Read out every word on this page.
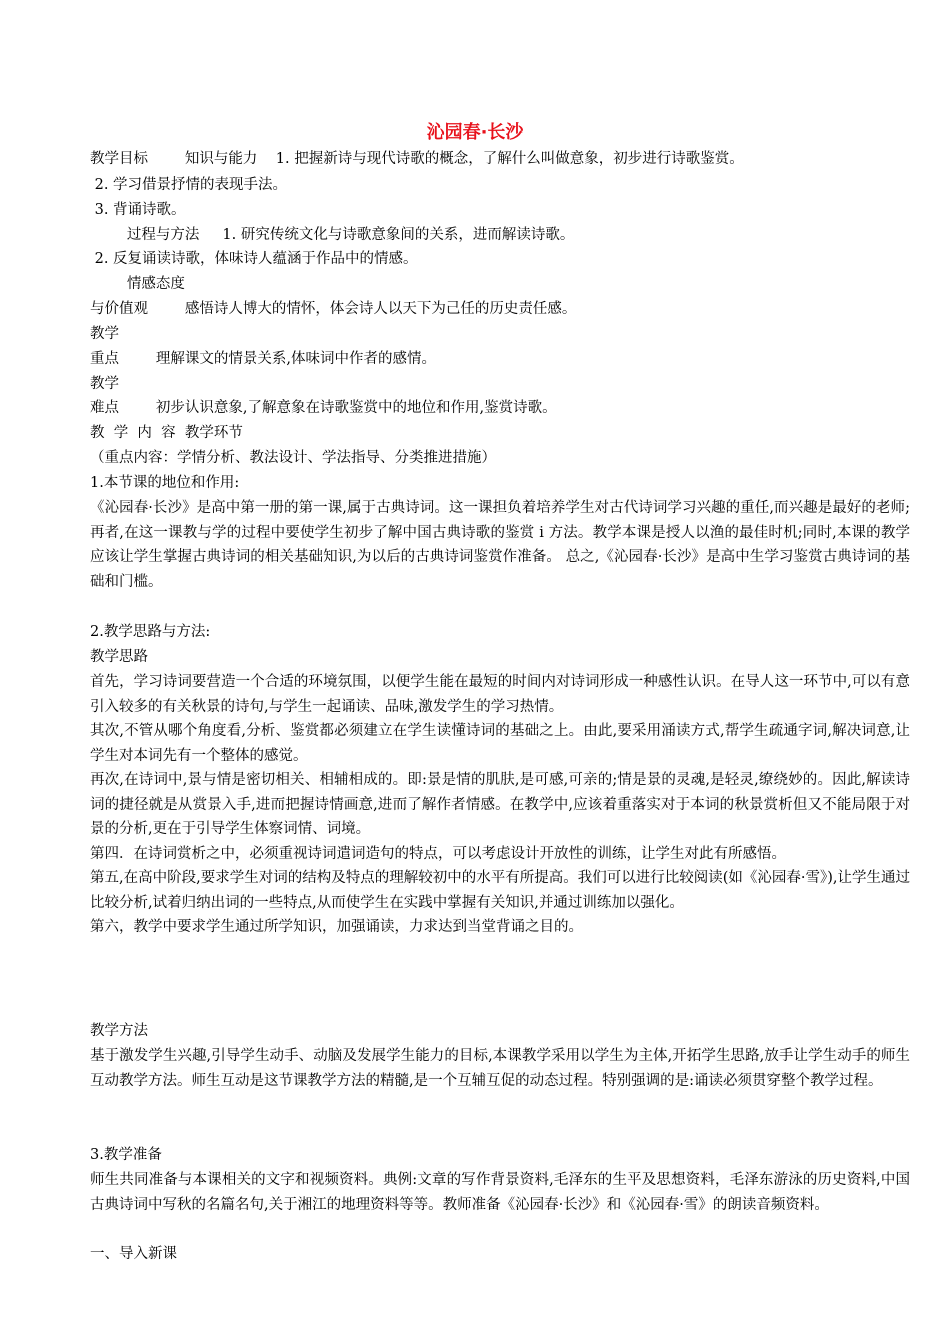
沁园春·长沙
教学目标        知识与能力    1. 把握新诗与现代诗歌的概念，了解什么叫做意象，初步进行诗歌鉴赏。
2. 学习借景抒情的表现手法。
3. 背诵诗歌。
过程与方法     1. 研究传统文化与诗歌意象间的关系，进而解读诗歌。
2. 反复诵读诗歌，体味诗人蕴涵于作品中的情感。
情感态度
与价值观        感悟诗人博大的情怀，体会诗人以天下为己任的历史责任感。
教学
重点        理解课文的情景关系,体味词中作者的感情。
教学
难点        初步认识意象,了解意象在诗歌鉴赏中的地位和作用,鉴赏诗歌。
教  学  内  容  教学环节
（重点内容：学情分析、教法设计、学法指导、分类推进措施）
1.本节课的地位和作用:

《沁园春·长沙》是高中第一册的第一课,属于古典诗词。这一课担负着培养学生对古代诗词学习兴趣的重任,而兴趣是最好的老师;再者,在这一课教与学的过程中要使学生初步了解中国古典诗歌的鉴赏 i 方法。教学本课是授人以渔的最佳时机;同时,本课的教学应该让学生掌握古典诗词的相关基础知识,为以后的古典诗词鉴赏作准备。 总之,《沁园春·长沙》是高中生学习鉴赏古典诗词的基础和门槛。

2.教学思路与方法:
教学思路

首先，学习诗词要营造一个合适的环境氛围，以便学生能在最短的时间内对诗词形成一种感性认识。在导人这一环节中,可以有意引入较多的有关秋景的诗句,与学生一起诵读、品味,激发学生的学习热情。

其次,不管从哪个角度看,分析、鉴赏都必须建立在学生读懂诗词的基础之上。由此,要采用涌读方式,帮学生疏通字词,解决词意,让学生对本词先有一个整体的感觉。

再次,在诗词中,景与情是密切相关、相辅相成的。即:景是情的肌肤,是可感,可亲的;情是景的灵魂,是轻灵,缭绕妙的。因此,解读诗词的捷径就是从赏景入手,进而把握诗情画意,进而了解作者情感。在教学中,应该着重落实对于本词的秋景赏析但又不能局限于对景的分析,更在于引导学生体察词情、词境。

第四．在诗词赏析之中，必须重视诗词遣词造句的特点，可以考虑设计开放性的训练，让学生对此有所感悟。

第五,在高中阶段,要求学生对词的结构及特点的理解较初中的水平有所提高。我们可以进行比较阅读(如《沁园春·雪》),让学生通过比较分析,试着归纳出词的一些特点,从而使学生在实践中掌握有关知识,并通过训练加以强化。

第六，教学中要求学生通过所学知识，加强诵读，力求达到当堂背诵之目的。

教学方法

基于激发学生兴趣,引导学生动手、动脑及发展学生能力的目标,本课教学采用以学生为主体,开拓学生思路,放手让学生动手的师生互动教学方法。师生互动是这节课教学方法的精髓,是一个互辅互促的动态过程。特别强调的是:诵读必须贯穿整个教学过程。

3.教学准备

师生共同准备与本课相关的文字和视频资料。典例:文章的写作背景资料,毛泽东的生平及思想资料，毛泽东游泳的历史资料,中国古典诗词中写秋的名篇名句,关于湘江的地理资料等等。教师准备《沁园春·长沙》和《沁园春·雪》的朗读音频资料。

一、导入新课
